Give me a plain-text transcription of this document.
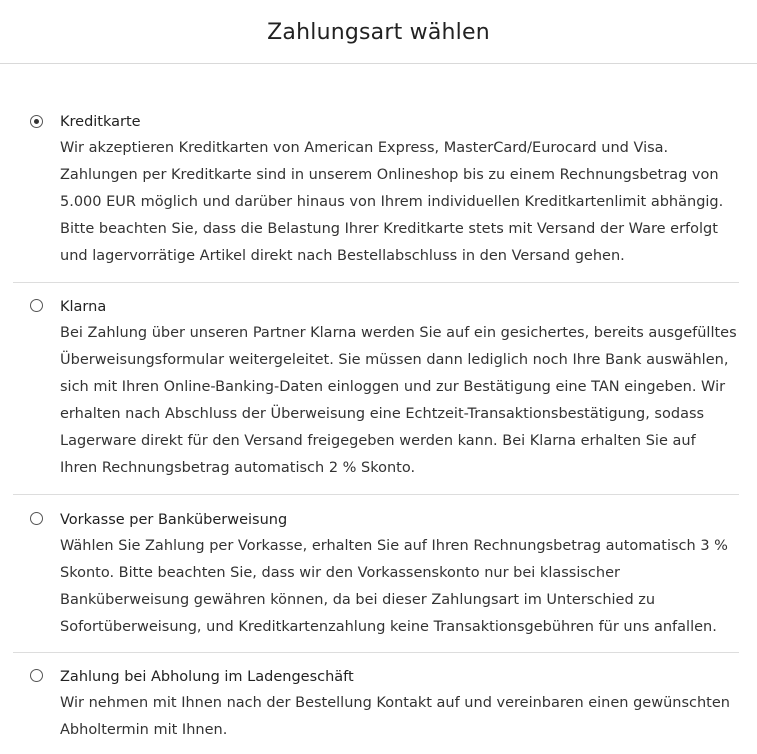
Zahlungsart wählen

Kreditkarte

Wir akzeptieren Kreditkarten von American Express, MasterCard/Eurocard und Visa. Zahlungen per Kreditkarte sind in unserem Onlineshop bis zu einem Rechnungsbetrag von 5.000 EUR möglich und darüber hinaus von Ihrem individuellen Kreditkartenlimit abhängig. Bitte beachten Sie, dass die Belastung Ihrer Kreditkarte stets mit Versand der Ware erfolgt und lagervorrätige Artikel direkt nach Bestellabschluss in den Versand gehen.

Klarna

Bei Zahlung über unseren Partner Klarna werden Sie auf ein gesichertes, bereits ausgefülltes Überweisungsformular weitergeleitet. Sie müssen dann lediglich noch Ihre Bank auswählen, sich mit Ihren Online-Banking-Daten einloggen und zur Bestätigung eine TAN eingeben. Wir erhalten nach Abschluss der Überweisung eine Echtzeit-Transaktionsbestätigung, sodass Lagerware direkt für den Versand freigegeben werden kann. Bei Klarna erhalten Sie auf Ihren Rechnungsbetrag automatisch 2 % Skonto.

Vorkasse per Banküberweisung

Wählen Sie Zahlung per Vorkasse, erhalten Sie auf Ihren Rechnungsbetrag automatisch 3 % Skonto. Bitte beachten Sie, dass wir den Vorkassenskonto nur bei klassischer Banküberweisung gewähren können, da bei dieser Zahlungsart im Unterschied zu Sofortüberweisung, und Kreditkartenzahlung keine Transaktionsgebühren für uns anfallen.

Zahlung bei Abholung im Ladengeschäft

Wir nehmen mit Ihnen nach der Bestellung Kontakt auf und vereinbaren einen gewünschten Abholtermin mit Ihnen.
